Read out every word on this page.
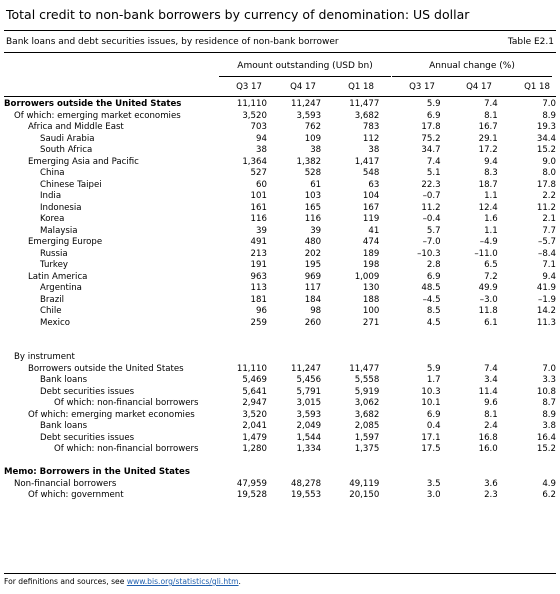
Total credit to non-bank borrowers by currency of denomination: US dollar
Bank loans and debt securities issues, by residence of non-bank borrower	Table E2.1
Amount outstanding (USD bn)	Annual change (%)
Q3 17	Q4 17	Q1 18	Q3 17	Q4 17	Q1 18
Borrowers outside the United States	11,110	11,247	11,477	5.9	7.4	7.0
Of which: emerging market economies	3,520	3,593	3,682	6.9	8.1	8.9
Africa and Middle East	703	762	783	17.8	16.7	19.3
Saudi Arabia	94	109	112	75.2	29.1	34.4
South Africa	38	38	38	34.7	17.2	15.2
Emerging Asia and Pacific	1,364	1,382	1,417	7.4	9.4	9.0
China	527	528	548	5.1	8.3	8.0
Chinese Taipei	60	61	63	22.3	18.7	17.8
India	101	103	104	–0.7	1.1	2.2
Indonesia	161	165	167	11.2	12.4	11.2
Korea	116	116	119	–0.4	1.6	2.1
Malaysia	39	39	41	5.7	1.1	7.7
Emerging Europe	491	480	474	–7.0	–4.9	–5.7
Russia	213	202	189	–10.3	–11.0	–8.4
Turkey	191	195	198	2.8	6.5	7.1
Latin America	963	969	1,009	6.9	7.2	9.4
Argentina	113	117	130	48.5	49.9	41.9
Brazil	181	184	188	–4.5	–3.0	–1.9
Chile	96	98	100	8.5	11.8	14.2
Mexico	259	260	271	4.5	6.1	11.3

By instrument						
Borrowers outside the United States	11,110	11,247	11,477	5.9	7.4	7.0
Bank loans	5,469	5,456	5,558	1.7	3.4	3.3
Debt securities issues	5,641	5,791	5,919	10.3	11.4	10.8
Of which: non-financial borrowers	2,947	3,015	3,062	10.1	9.6	8.7
Of which: emerging market economies	3,520	3,593	3,682	6.9	8.1	8.9
Bank loans	2,041	2,049	2,085	0.4	2.4	3.8
Debt securities issues	1,479	1,544	1,597	17.1	16.8	16.4
Of which: non-financial borrowers	1,280	1,334	1,375	17.5	16.0	15.2

Memo: Borrowers in the United States						
Non-financial borrowers	47,959	48,278	49,119	3.5	3.6	4.9
Of which: government	19,528	19,553	20,150	3.0	2.3	6.2
For definitions and sources, see www.bis.org/statistics/gli.htm.
